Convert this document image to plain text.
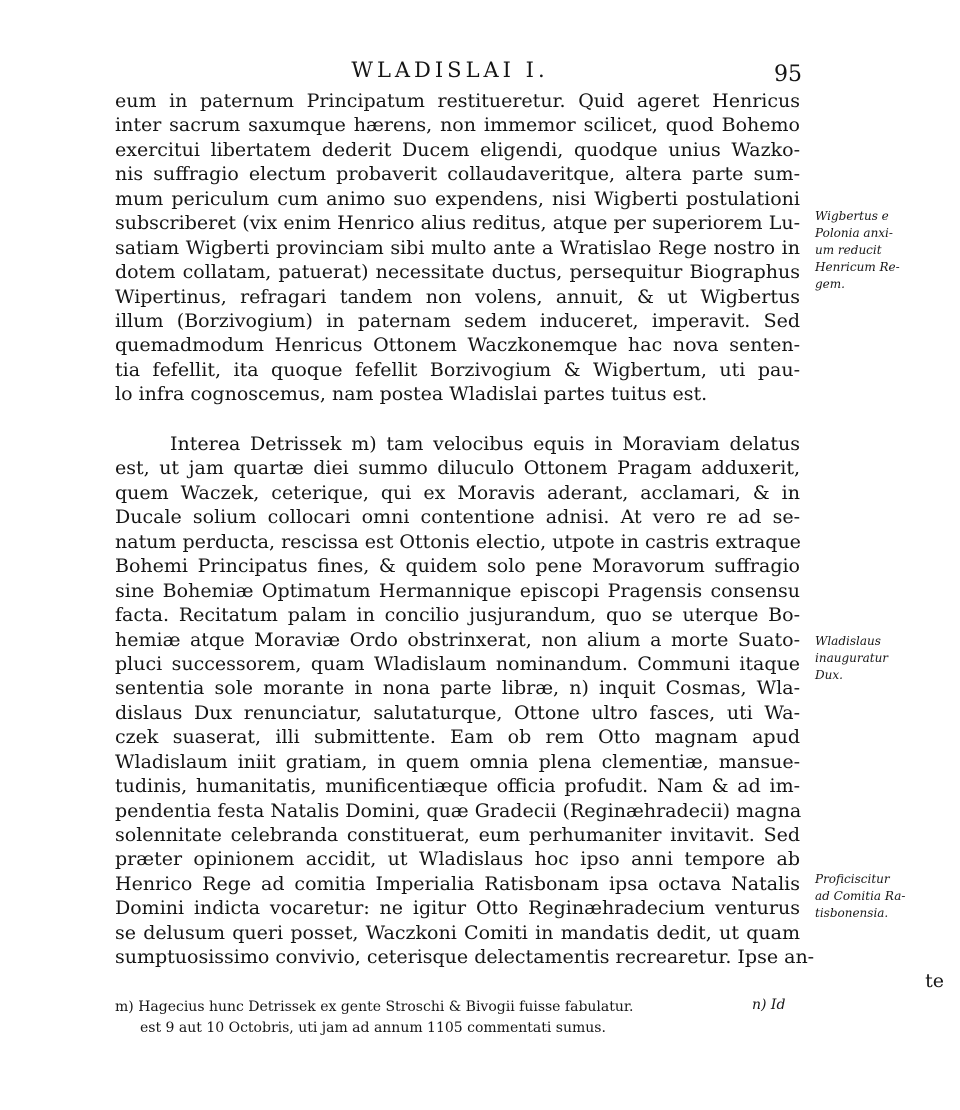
WLADISLAI I.	95
eum in paternum Principatum restitueretur. Quid ageret Henricus
inter sacrum saxumque hærens, non immemor scilicet, quod Bohemo
exercitui libertatem dederit Ducem eligendi, quodque unius Wazko-
nis suffragio electum probaverit collaudaveritque, altera parte sum-
mum periculum cum animo suo expendens, nisi Wigberti postulationi
subscriberet (vix enim Henrico alius reditus, atque per superiorem Lu-
satiam Wigberti provinciam sibi multo ante a Wratislao Rege nostro in
dotem collatam, patuerat) necessitate ductus, persequitur Biographus
Wipertinus, refragari tandem non volens, annuit, & ut Wigbertus
illum (Borzivogium) in paternam sedem induceret, imperavit. Sed
quemadmodum Henricus Ottonem Waczkonemque hac nova senten-
tia fefellit, ita quoque fefellit Borzivogium & Wigbertum, uti pau-
lo infra cognoscemus, nam postea Wladislai partes tuitus est.
Interea Detrissek m) tam velocibus equis in Moraviam delatus
est, ut jam quartæ diei summo diluculo Ottonem Pragam adduxerit,
quem Waczek, ceterique, qui ex Moravis aderant, acclamari, & in
Ducale solium collocari omni contentione adnisi. At vero re ad se-
natum perducta, rescissa est Ottonis electio, utpote in castris extraque
Bohemi Principatus fines, & quidem solo pene Moravorum suffragio
sine Bohemiæ Optimatum Hermannique episcopi Pragensis consensu
facta. Recitatum palam in concilio jusjurandum, quo se uterque Bo-
hemiæ atque Moraviæ Ordo obstrinxerat, non alium a morte Suato-
pluci successorem, quam Wladislaum nominandum. Communi itaque
sententia sole morante in nona parte libræ, n) inquit Cosmas, Wla-
dislaus Dux renunciatur, salutaturque, Ottone ultro fasces, uti Wa-
czek suaserat, illi submittente. Eam ob rem Otto magnam apud
Wladislaum iniit gratiam, in quem omnia plena clementiæ, mansue-
tudinis, humanitatis, munificentiæque officia profudit. Nam & ad im-
pendentia festa Natalis Domini, quæ Gradecii (Reginæhradecii) magna
solennitate celebranda constituerat, eum perhumaniter invitavit. Sed
præter opinionem accidit, ut Wladislaus hoc ipso anni tempore ab
Henrico Rege ad comitia Imperialia Ratisbonam ipsa octava Natalis
Domini indicta vocaretur: ne igitur Otto Reginæhradecium venturus
se delusum queri posset, Waczkoni Comiti in mandatis dedit, ut quam
sumptuosissimo convivio, ceterisque delectamentis recrearetur. Ipse an-
te
Wigbertus e
Polonia anxi-
um reducit
Henricum Re-
gem.
Wladislaus
inauguratur
Dux.
Proficiscitur
ad Comitia Ra-
tisbonensia.
m) Hagecius hunc Detrissek ex gente Stroschi & Bivogii fuisse fabulatur.
est 9 aut 10 Octobris, uti jam ad annum 1105 commentati sumus.
n) Id
